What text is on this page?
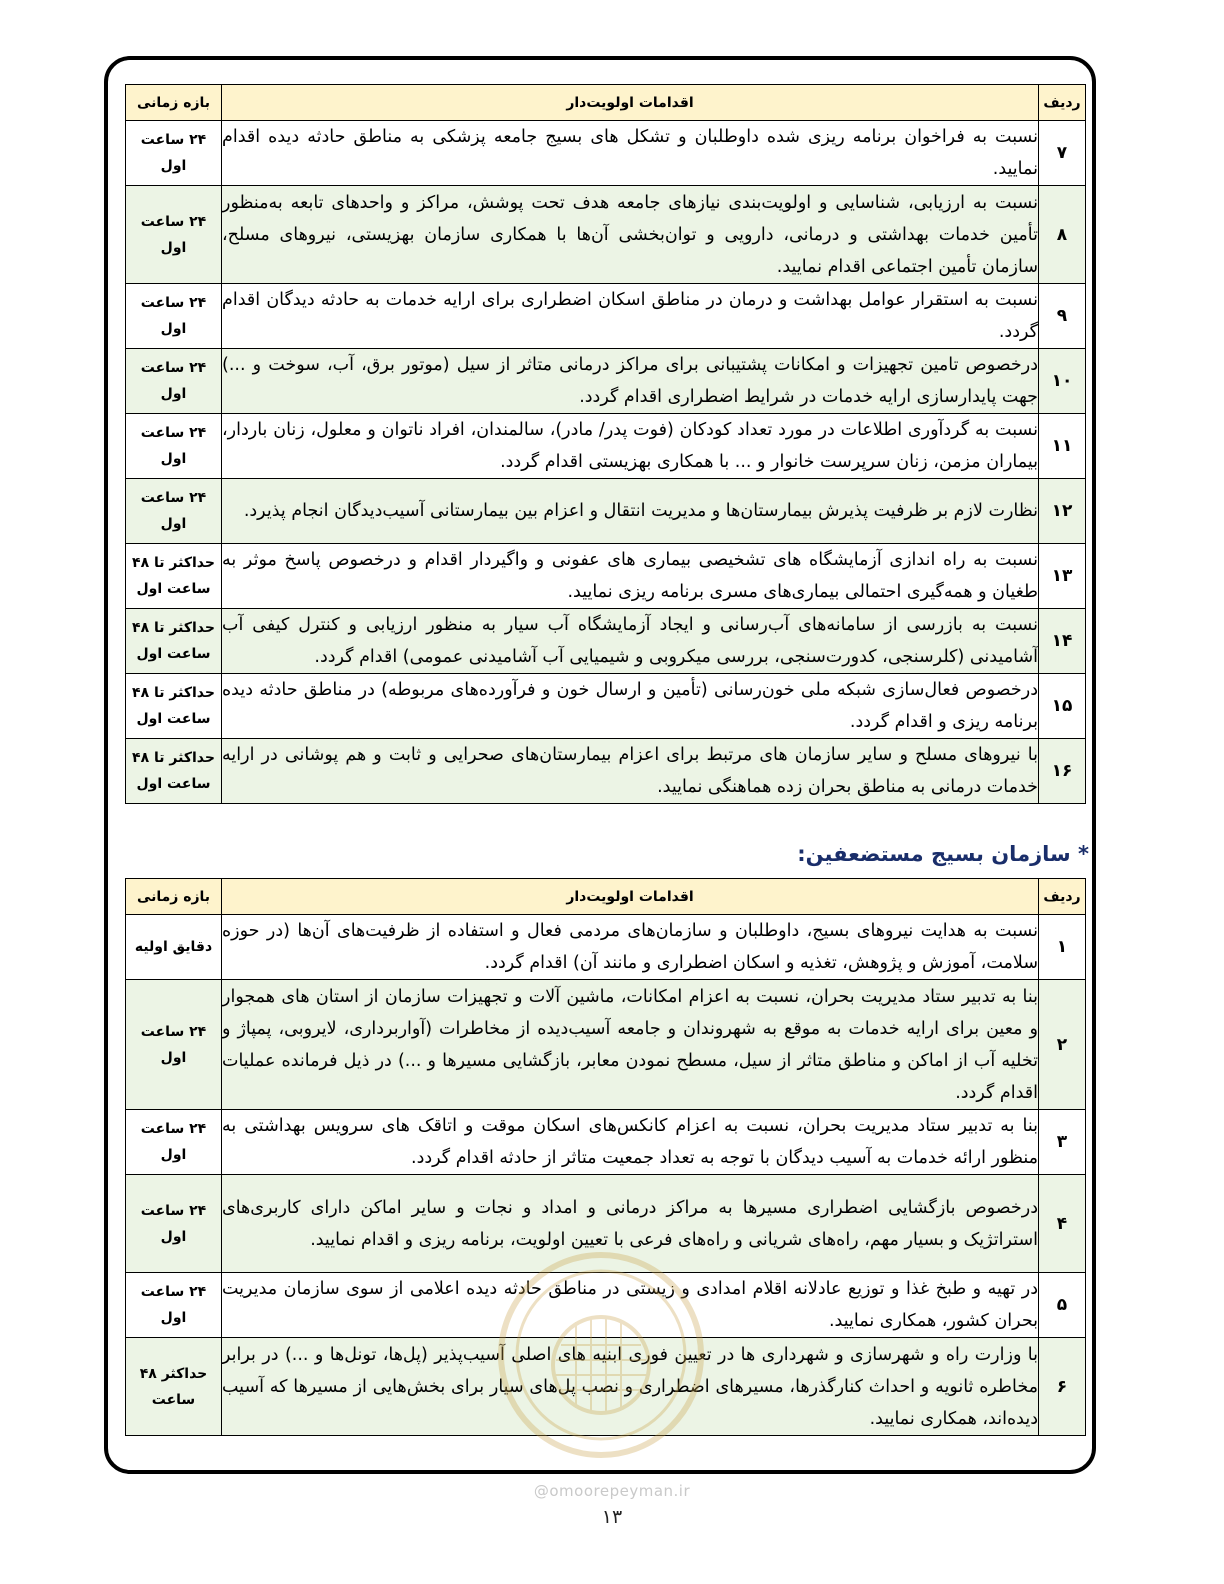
ردیف	اقدامات اولویت‌دار	بازه زمانی
۷	نسبت به فراخوان برنامه ریزی شده داوطلبان و تشکل های بسیج جامعه پزشکی به مناطق حادثه دیده اقدام نمایید.	۲۴ ساعت اول
۸	نسبت به ارزیابی، شناسایی و اولویت‌بندی نیازهای جامعه هدف تحت پوشش، مراکز و واحدهای تابعه به‌منظور تأمین خدمات بهداشتی و درمانی، دارویی و توان‌بخشی آن‌ها با همکاری سازمان بهزیستی، نیروهای مسلح، سازمان تأمین اجتماعی اقدام نمایید.	۲۴ ساعت اول
۹	نسبت به استقرار عوامل بهداشت و درمان در مناطق اسکان اضطراری برای ارایه خدمات به حادثه دیدگان اقدام گردد.	۲۴ ساعت اول
۱۰	درخصوص تامین تجهیزات و امکانات پشتیبانی برای مراکز درمانی متاثر از سیل (موتور برق، آب، سوخت و ...) جهت پایدارسازی ارایه خدمات در شرایط اضطراری اقدام گردد.	۲۴ ساعت اول
۱۱	نسبت به گردآوری اطلاعات در مورد تعداد کودکان (فوت پدر/ مادر)، سالمندان، افراد ناتوان و معلول، زنان باردار، بیماران مزمن، زنان سرپرست خانوار و ... با همکاری بهزیستی اقدام گردد.	۲۴ ساعت اول
۱۲	نظارت لازم بر ظرفیت پذیرش بیمارستان‌ها و مدیریت انتقال و اعزام بین بیمارستانی آسیب‌دیدگان انجام پذیرد.	۲۴ ساعت اول
۱۳	نسبت به راه اندازی آزمایشگاه های تشخیصی بیماری های عفونی و واگیردار اقدام و درخصوص پاسخ موثر به طغیان و همه‌گیری احتمالی بیماری‌های مسری برنامه ریزی نمایید.	حداکثر تا ۴۸ ساعت اول
۱۴	نسبت به بازرسی از سامانه‌های آب‌رسانی و ایجاد آزمایشگاه آب سیار به منظور ارزیابی و کنترل کیفی آب آشامیدنی (کلرسنجی، کدورت‌سنجی، بررسی میکروبی و شیمیایی آب آشامیدنی عمومی) اقدام گردد.	حداکثر تا ۴۸ ساعت اول
۱۵	درخصوص فعال‌سازی شبکه ملی خون‌رسانی (تأمین و ارسال خون و فرآورده‌های مربوطه) در مناطق حادثه دیده برنامه ریزی و اقدام گردد.	حداکثر تا ۴۸ ساعت اول
۱۶	با نیروهای مسلح و سایر سازمان های مرتبط برای اعزام بیمارستان‌های صحرایی و ثابت و هم پوشانی در ارایه خدمات درمانی به مناطق بحران زده هماهنگی نمایید.	حداکثر تا ۴۸ ساعت اول
* سازمان بسیج مستضعفین:
ردیف	اقدامات اولویت‌دار	بازه زمانی
۱	نسبت به هدایت نیروهای بسیج، داوطلبان و سازمان‌های مردمی فعال و استفاده از ظرفیت‌های آن‌ها (در حوزه سلامت، آموزش و پژوهش، تغذیه و اسکان اضطراری و مانند آن) اقدام گردد.	دقایق اولیه
۲	بنا به تدبیر ستاد مدیریت بحران، نسبت به اعزام امکانات، ماشین آلات و تجهیزات سازمان از استان های همجوار و معین برای ارایه خدمات به موقع به شهروندان و جامعه آسیب‌دیده از مخاطرات (آواربرداری، لایروبی، پمپاژ و تخلیه آب از اماکن و مناطق متاثر از سیل، مسطح نمودن معابر، بازگشایی مسیرها و ...) در ذیل فرمانده عملیات اقدام گردد.	۲۴ ساعت اول
۳	بنا به تدبیر ستاد مدیریت بحران، نسبت به اعزام کانکس‌های اسکان موقت و اتاقک های سرویس بهداشتی به منظور ارائه خدمات به آسیب دیدگان با توجه به تعداد جمعیت متاثر از حادثه اقدام گردد.	۲۴ ساعت اول
۴	درخصوص بازگشایی اضطراری مسیرها به مراکز درمانی و امداد و نجات و سایر اماکن دارای کاربری‌های استراتژیک و بسیار مهم، راه‌های شریانی و راه‌های فرعی با تعیین اولویت، برنامه ریزی و اقدام نمایید.	۲۴ ساعت اول
۵	در تهیه و طبخ غذا و توزیع عادلانه اقلام امدادی و زیستی در مناطق حادثه دیده اعلامی از سوی سازمان مدیریت بحران کشور، همکاری نمایید.	۲۴ ساعت اول
۶	با وزارت راه و شهرسازی و شهرداری ها در تعیین فوری ابنیه های اصلی آسیب‌پذیر (پل‌ها، تونل‌ها و ...) در برابر مخاطره ثانویه و احداث کنارگذرها، مسیرهای اضطراری و نصب پل‌های سیار برای بخش‌هایی از مسیرها که آسیب دیده‌اند، همکاری نمایید.	حداکثر ۴۸ ساعت
@omoorepeyman.ir
۱۳
